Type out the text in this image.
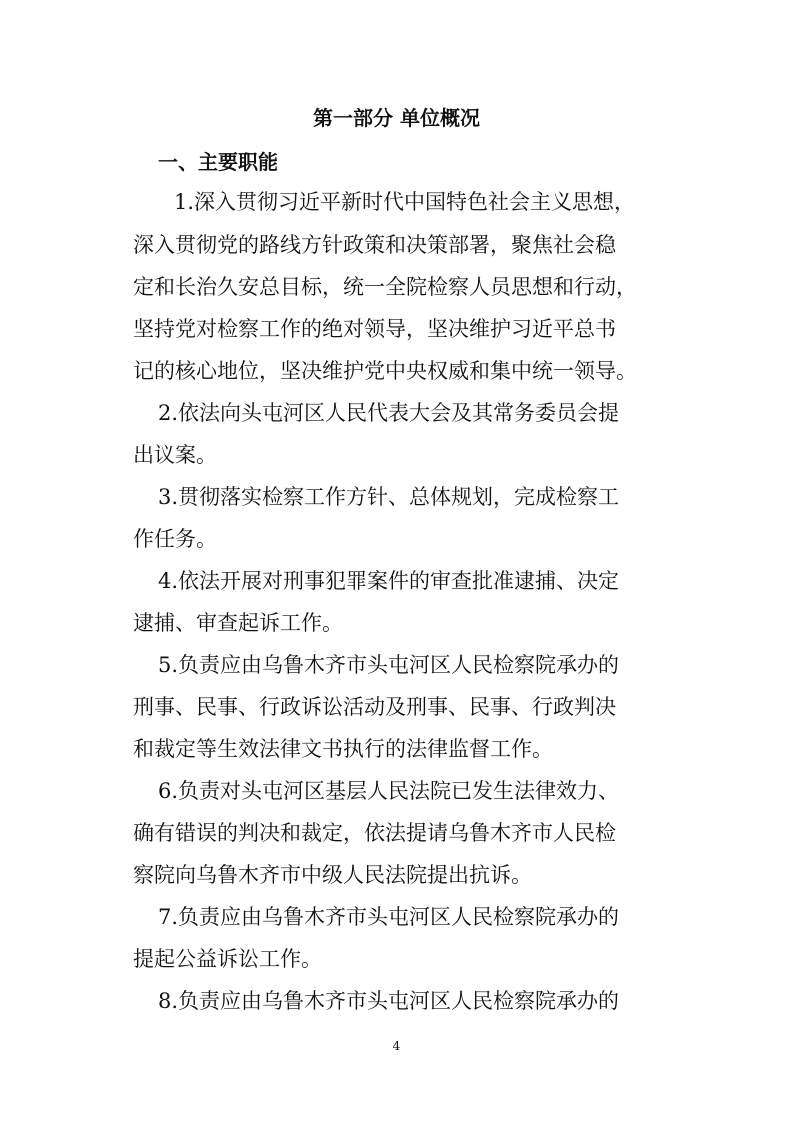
第一部分 单位概况
一、主要职能
1.深入贯彻习近平新时代中国特色社会主义思想，
深入贯彻党的路线方针政策和决策部署，聚焦社会稳
定和长治久安总目标，统一全院检察人员思想和行动，
坚持党对检察工作的绝对领导，坚决维护习近平总书
记的核心地位，坚决维护党中央权威和集中统一领导。
2.依法向头屯河区人民代表大会及其常务委员会提
出议案。
3.贯彻落实检察工作方针、总体规划，完成检察工
作任务。
4.依法开展对刑事犯罪案件的审查批准逮捕、决定
逮捕、审查起诉工作。
5.负责应由乌鲁木齐市头屯河区人民检察院承办的
刑事、民事、行政诉讼活动及刑事、民事、行政判决
和裁定等生效法律文书执行的法律监督工作。
6.负责对头屯河区基层人民法院已发生法律效力、
确有错误的判决和裁定，依法提请乌鲁木齐市人民检
察院向乌鲁木齐市中级人民法院提出抗诉。
7.负责应由乌鲁木齐市头屯河区人民检察院承办的
提起公益诉讼工作。
8.负责应由乌鲁木齐市头屯河区人民检察院承办的
4
